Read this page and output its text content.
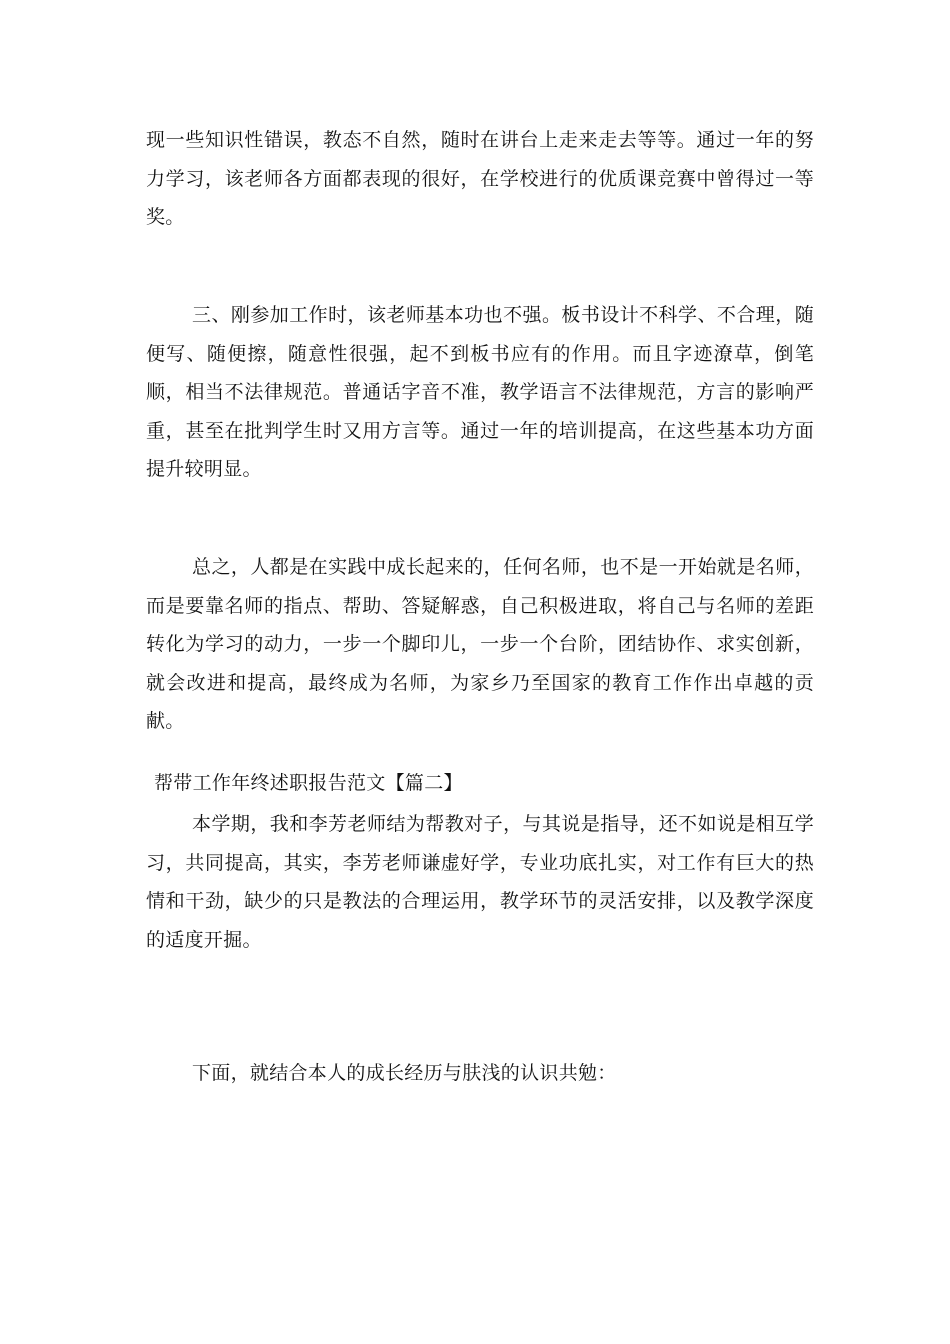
现一些知识性错误，教态不自然，随时在讲台上走来走去等等。通过一年的努力学习，该老师各方面都表现的很好，在学校进行的优质课竞赛中曾得过一等奖。

三、刚参加工作时，该老师基本功也不强。板书设计不科学、不合理，随便写、随便擦，随意性很强，起不到板书应有的作用。而且字迹潦草，倒笔顺，相当不法律规范。普通话字音不准，教学语言不法律规范，方言的影响严重，甚至在批判学生时又用方言等。通过一年的培训提高，在这些基本功方面提升较明显。

总之，人都是在实践中成长起来的，任何名师，也不是一开始就是名师，而是要靠名师的指点、帮助、答疑解惑，自己积极进取，将自己与名师的差距转化为学习的动力，一步一个脚印儿，一步一个台阶，团结协作、求实创新，就会改进和提高，最终成为名师，为家乡乃至国家的教育工作作出卓越的贡献。

帮带工作年终述职报告范文【篇二】

本学期，我和李芳老师结为帮教对子，与其说是指导，还不如说是相互学习，共同提高，其实，李芳老师谦虚好学，专业功底扎实，对工作有巨大的热情和干劲，缺少的只是教法的合理运用，教学环节的灵活安排，以及教学深度的适度开掘。

下面，就结合本人的成长经历与肤浅的认识共勉：
